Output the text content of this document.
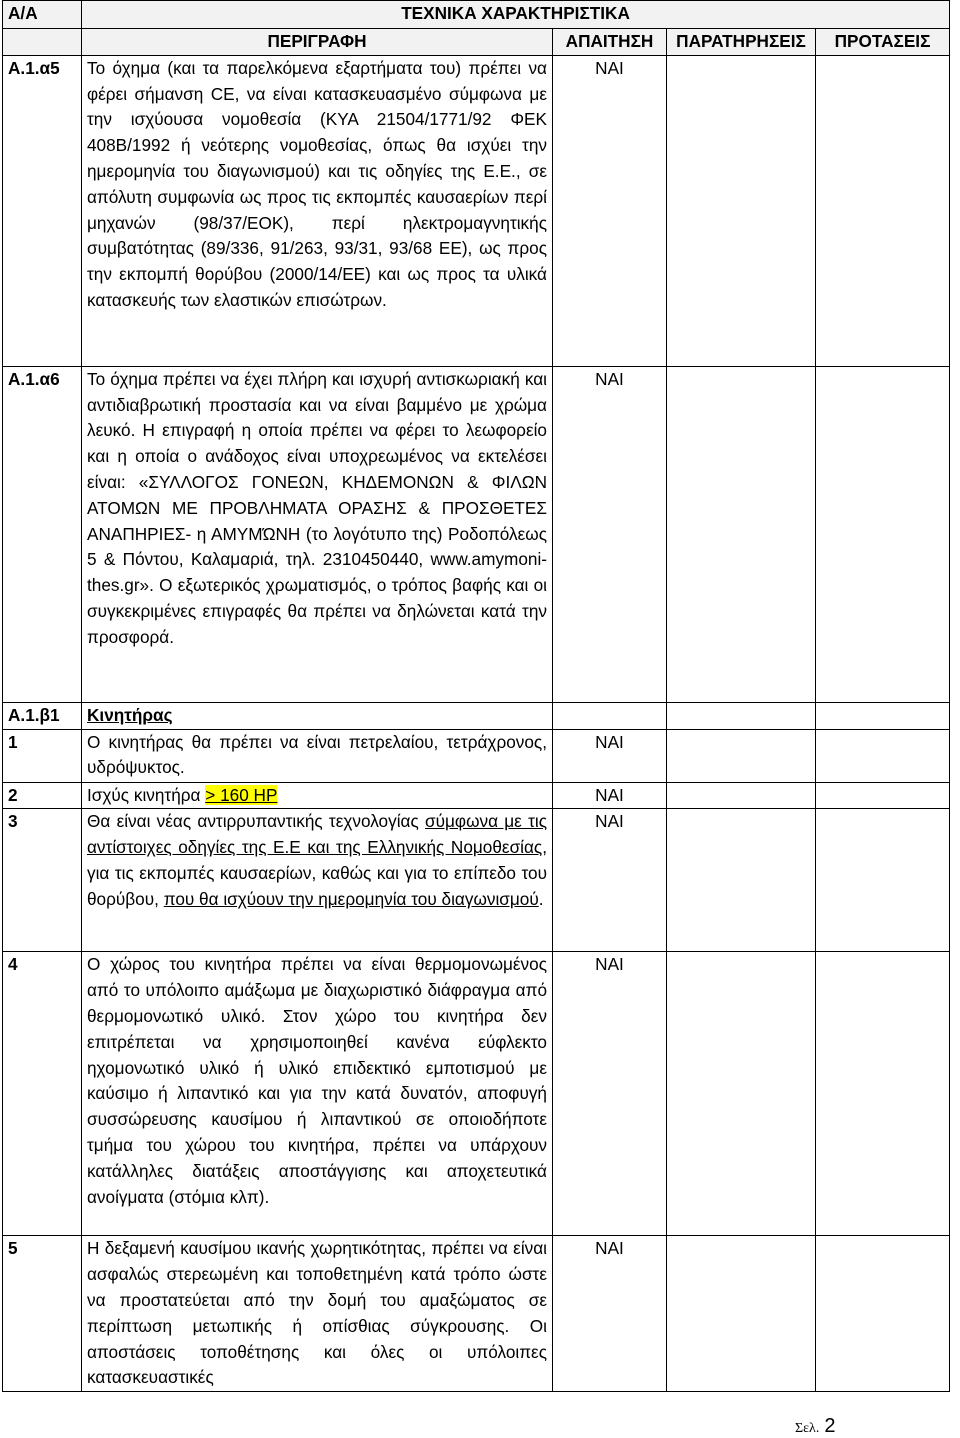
Α/Α	ΤΕΧΝΙΚΑ ΧΑΡΑΚΤΗΡΙΣΤΙΚΑ			
	ΠΕΡΙΓΡΑΦΗ	ΑΠΑΙΤΗΣΗ	ΠΑΡΑΤΗΡΗΣΕΙΣ	ΠΡΟΤΑΣΕΙΣ
Α.1.α5	Το όχημα (και τα παρελκόμενα εξαρτήματα του) πρέπει να φέρει σήμανση CE, να είναι κατασκευασμένο σύμφωνα με την ισχύουσα νομοθεσία (ΚΥΑ 21504/1771/92 ΦΕΚ 408Β/1992 ή νεότερης νομοθεσίας, όπως θα ισχύει την ημερομηνία του διαγωνισμού) και τις οδηγίες της Ε.Ε., σε απόλυτη συμφωνία ως προς τις εκπομπές καυσαερίων περί μηχανών (98/37/ΕΟΚ), περί ηλεκτρομαγνητικής συμβατότητας (89/336, 91/263, 93/31, 93/68 ΕΕ), ως προς την εκπομπή θορύβου (2000/14/ΕΕ) και ως προς τα υλικά κατασκευής των ελαστικών επισώτρων.	ΝΑΙ		
Α.1.α6	Το όχημα πρέπει να έχει πλήρη και ισχυρή αντισκωριακή και αντιδιαβρωτική προστασία και να είναι βαμμένο με χρώμα λευκό. Η επιγραφή η οποία πρέπει να φέρει το λεωφορείο και η οποία ο ανάδοχος είναι υποχρεωμένος να εκτελέσει είναι: «ΣΥΛΛΟΓΟΣ ΓΟΝΕΩΝ, ΚΗΔΕΜΟΝΩΝ & ΦΙΛΩΝ ΑΤΟΜΩΝ ΜΕ ΠΡΟΒΛΗΜΑΤΑ ΟΡΑΣΗΣ & ΠΡΟΣΘΕΤΕΣ ΑΝΑΠΗΡΙΕΣ- η ΑΜΥΜΏΝΗ (το λογότυπο της) Ροδοπόλεως 5 & Πόντου, Καλαμαριά, τηλ. 2310450440, www.amymoni-thes.gr». Ο εξωτερικός χρωματισμός, ο τρόπος βαφής και οι συγκεκριμένες επιγραφές θα πρέπει να δηλώνεται κατά την προσφορά.	ΝΑΙ		
Α.1.β1	Κινητήρας			
1	Ο κινητήρας θα πρέπει να είναι πετρελαίου, τετράχρονος, υδρόψυκτος.	ΝΑΙ		
2	Ισχύς κινητήρα > 160 HP	ΝΑΙ		
3	Θα είναι νέας αντιρρυπαντικής τεχνολογίας σύμφωνα με τις αντίστοιχες οδηγίες της Ε.Ε και της Ελληνικής Νομοθεσίας, για τις εκπομπές καυσαερίων, καθώς και για το επίπεδο του θορύβου, που θα ισχύουν την ημερομηνία του διαγωνισμού.	ΝΑΙ		
4	Ο χώρος του κινητήρα πρέπει να είναι θερμομονωμένος από το υπόλοιπο αμάξωμα με διαχωριστικό διάφραγμα από θερμομονωτικό υλικό. Στον χώρο του κινητήρα δεν επιτρέπεται να χρησιμοποιηθεί κανένα εύφλεκτο ηχομονωτικό υλικό ή υλικό επιδεκτικό εμποτισμού με καύσιμο ή λιπαντικό και για την κατά δυνατόν, αποφυγή συσσώρευσης καυσίμου ή λιπαντικού σε οποιοδήποτε τμήμα του χώρου του κινητήρα, πρέπει να υπάρχουν κατάλληλες διατάξεις αποστάγγισης και αποχετευτικά ανοίγματα (στόμια κλπ).	ΝΑΙ		
5	Η δεξαμενή καυσίμου ικανής χωρητικότητας, πρέπει να είναι ασφαλώς στερεωμένη και τοποθετημένη κατά τρόπο ώστε να προστατεύεται από την δομή του αμαξώματος σε περίπτωση μετωπικής ή οπίσθιας σύγκρουσης. Οι αποστάσεις τοποθέτησης και όλες οι υπόλοιπες κατασκευαστικές	ΝΑΙ		
Σελ. 2
